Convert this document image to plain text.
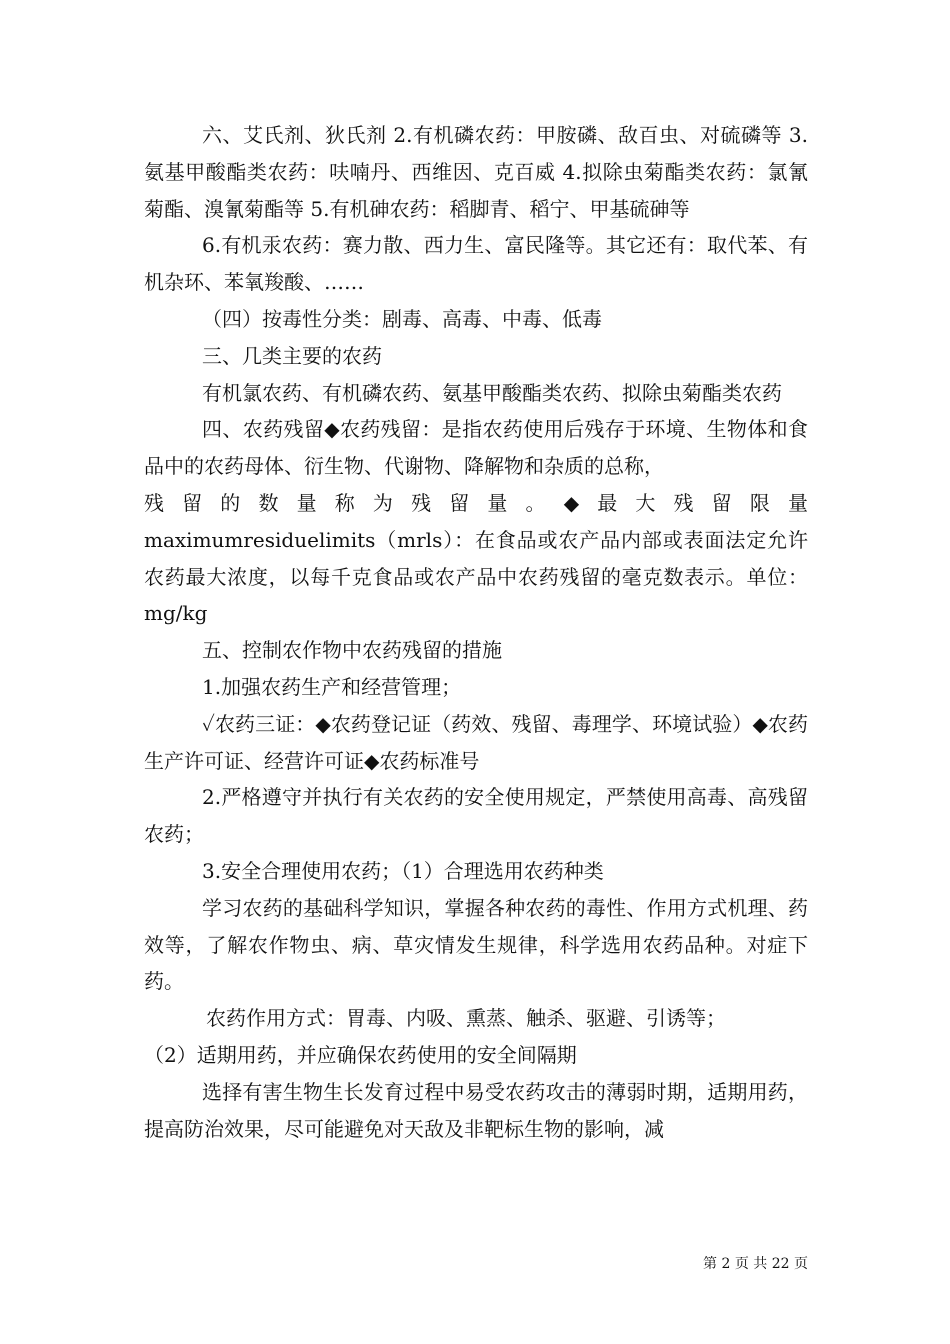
六、艾氏剂、狄氏剂 2.有机磷农药：甲胺磷、敌百虫、对硫磷等 3.氨基甲酸酯类农药：呋喃丹、西维因、克百威 4.拟除虫菊酯类农药：氯氰菊酯、溴氰菊酯等 5.有机砷农药：稻脚青、稻宁、甲基硫砷等

6.有机汞农药：赛力散、西力生、富民隆等。其它还有：取代苯、有机杂环、苯氧羧酸、……

（四）按毒性分类：剧毒、高毒、中毒、低毒

三、几类主要的农药

有机氯农药、有机磷农药、氨基甲酸酯类农药、拟除虫菊酯类农药

四、农药残留◆农药残留：是指农药使用后残存于环境、生物体和食品中的农药母体、衍生物、代谢物、降解物和杂质的总称，

残留的数量称为残留量。◆最大残留限量

maximumresiduelimits（mrls）：在食品或农产品内部或表面法定允许农药最大浓度，以每千克食品或农产品中农药残留的毫克数表示。单位：mg/kg

五、控制农作物中农药残留的措施

1.加强农药生产和经营管理；

✓农药三证：◆农药登记证（药效、残留、毒理学、环境试验）◆农药生产许可证、经营许可证◆农药标准号

2.严格遵守并执行有关农药的安全使用规定，严禁使用高毒、高残留农药；

3.安全合理使用农药；（1）合理选用农药种类

学习农药的基础科学知识，掌握各种农药的毒性、作用方式机理、药效等，了解农作物虫、病、草灾情发生规律，科学选用农药品种。对症下药。

农药作用方式：胃毒、内吸、熏蒸、触杀、驱避、引诱等；

（2）适期用药，并应确保农药使用的安全间隔期

选择有害生物生长发育过程中易受农药攻击的薄弱时期，适期用药，提高防治效果，尽可能避免对天敌及非靶标生物的影响，减

第 2 页 共 22 页
